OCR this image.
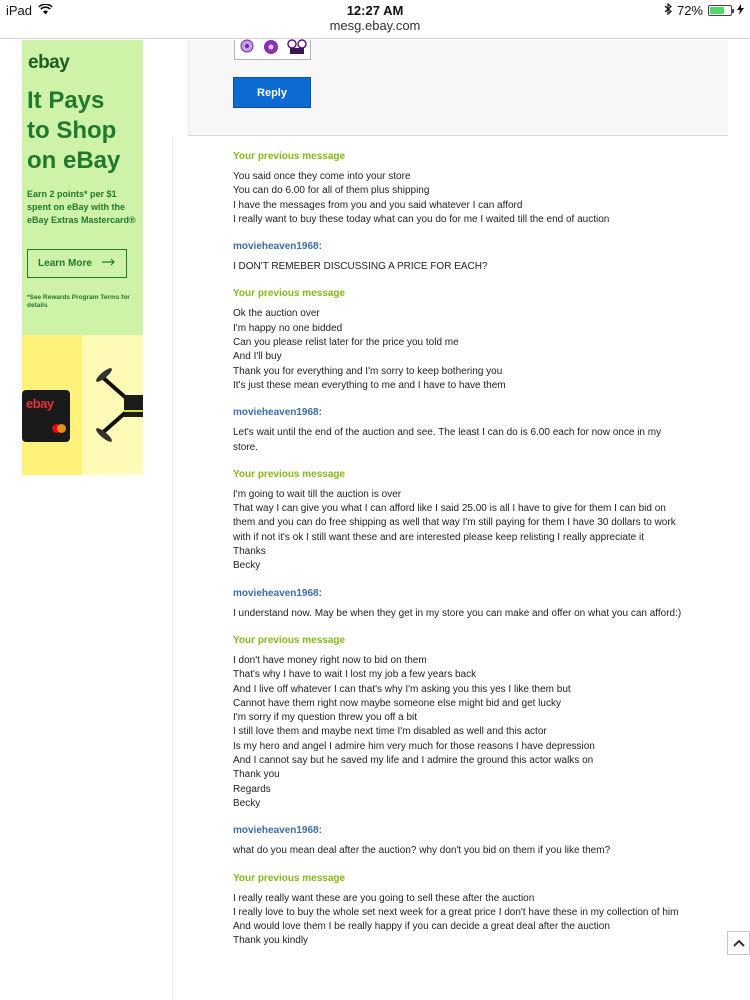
iPad	12:27 AM	72%
mesg.ebay.com
ebay
It Pays
to Shop
on eBay
Earn 2 points* per $1 spent on eBay with the eBay Extras Mastercard®
Learn More
*See Rewards Program Terms for details
ebay
Reply
Your previous message
You said once they come into your store
You can do 6.00 for all of them plus shipping
I have the messages from you and you said whatever I can afford
I really want to buy these today what can you do for me I waited till the end of auction
movieheaven1968:
I DON'T REMEBER DISCUSSING A PRICE FOR EACH?
Your previous message
Ok the auction over
I'm happy no one bidded
Can you please relist later for the price you told me
And I'll buy
Thank you for everything and I'm sorry to keep bothering you
It's just these mean everything to me and I have to have them
movieheaven1968:
Let's wait until the end of the auction and see. The least I can do is 6.00 each for now once in my store.
Your previous message
I'm going to wait till the auction is over
That way I can give you what I can afford like I said 25.00 is all I have to give for them I can bid on them and you can do free shipping as well that way I'm still paying for them I have 30 dollars to work with if not it's ok I still want these and are interested please keep relisting I really appreciate it
Thanks
Becky
movieheaven1968:
I understand now. May be when they get in my store you can make and offer on what you can afford:)
Your previous message
I don't have money right now to bid on them
That's why I have to wait I lost my job a few years back
And I live off whatever I can that's why I'm asking you this yes I like them but
Cannot have them right now maybe someone else might bid and get lucky
I'm sorry if my question threw you off a bit
I still love them and maybe next time I'm disabled as well and this actor
Is my hero and angel I admire him very much for those reasons I have depression
And I cannot say but he saved my life and I admire the ground this actor walks on
Thank you
Regards
Becky
movieheaven1968:
what do you mean deal after the auction? why don't you bid on them if you like them?
Your previous message
I really really want these are you going to sell these after the auction
I really love to buy the whole set next week for a great price I don't have these in my collection of him
And would love them I be really happy if you can decide a great deal after the auction
Thank you kindly
